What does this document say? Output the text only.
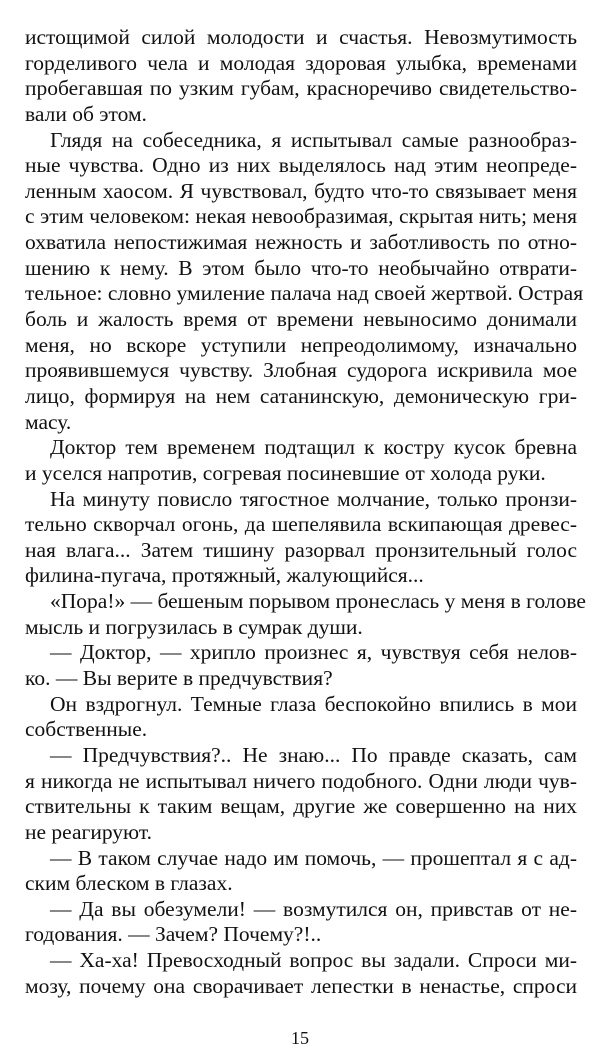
истощимой силой молодости и счастья. Невозмутимость
горделивого чела и молодая здоровая улыбка, временами
пробегавшая по узким губам, красноречиво свидетельство-
вали об этом.
Глядя на собеседника, я испытывал самые разнообраз-
ные чувства. Одно из них выделялось над этим неопреде-
ленным хаосом. Я чувствовал, будто что-то связывает меня
с этим человеком: некая невообразимая, скрытая нить; меня
охватила непостижимая нежность и заботливость по отно-
шению к нему. В этом было что-то необычайно отврати-
тельное: словно умиление палача над своей жертвой. Острая
боль и жалость время от времени невыносимо донимали
меня, но вскоре уступили непреодолимому, изначально
проявившемуся чувству. Злобная судорога искривила мое
лицо, формируя на нем сатанинскую, демоническую гри-
масу.
Доктор тем временем подтащил к костру кусок бревна
и уселся напротив, согревая посиневшие от холода руки.
На минуту повисло тягостное молчание, только пронзи-
тельно скворчал огонь, да шепелявила вскипающая древес-
ная влага... Затем тишину разорвал пронзительный голос
филина-пугача, протяжный, жалующийся...
«Пора!» — бешеным порывом пронеслась у меня в голове
мысль и погрузилась в сумрак души.
— Доктор, — хрипло произнес я, чувствуя себя нелов-
ко. — Вы верите в предчувствия?
Он вздрогнул. Темные глаза беспокойно впились в мои
собственные.
— Предчувствия?.. Не знаю... По правде сказать, сам
я никогда не испытывал ничего подобного. Одни люди чув-
ствительны к таким вещам, другие же совершенно на них
не реагируют.
— В таком случае надо им помочь, — прошептал я с ад-
ским блеском в глазах.
— Да вы обезумели! — возмутился он, привстав от не-
годования. — Зачем? Почему?!..
— Ха-ха! Превосходный вопрос вы задали. Спроси ми-
мозу, почему она сворачивает лепестки в ненастье, спроси
15
